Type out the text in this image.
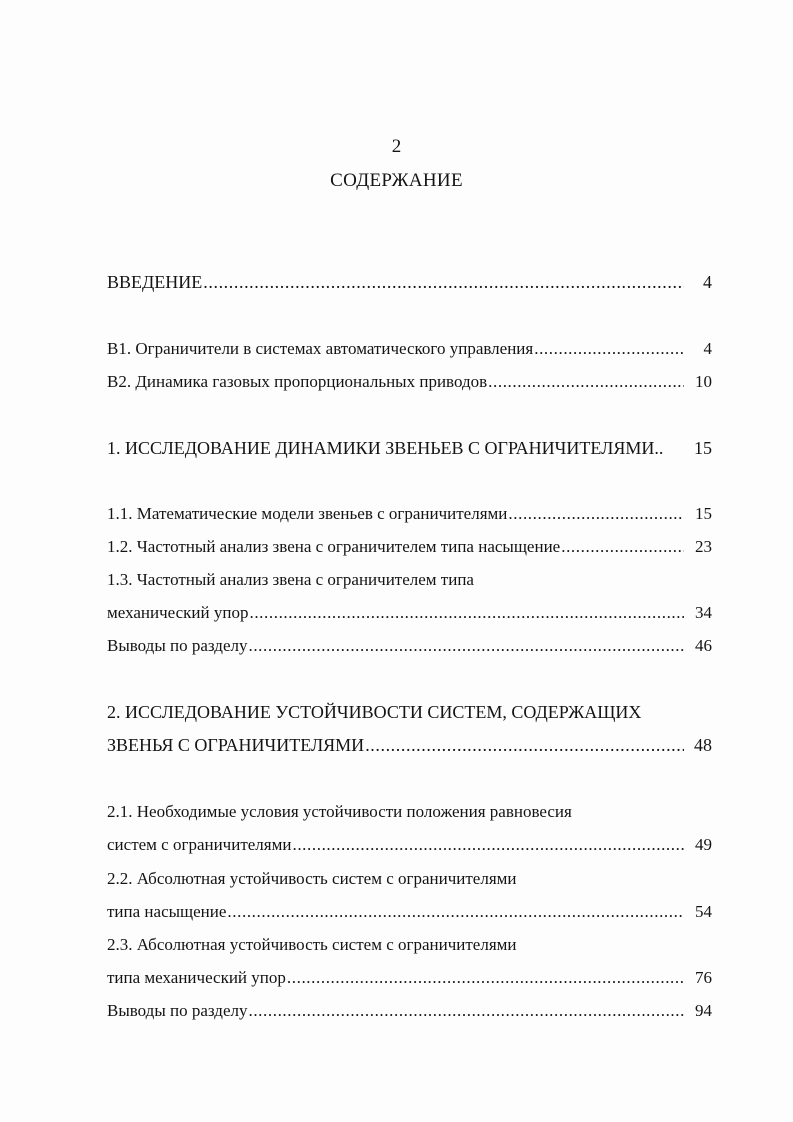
2
СОДЕРЖАНИЕ
ВВЕДЕНИЕ .....	4
В1. Ограничители в системах автоматического управления .....	4
В2. Динамика газовых пропорциональных приводов .....	10
1. ИССЛЕДОВАНИЕ ДИНАМИКИ ЗВЕНЬЕВ С ОГРАНИЧИТЕЛЯМИ..	15
1.1. Математические модели звеньев с ограничителями .....	15
1.2. Частотный анализ звена с ограничителем типа насыщение .....	23
1.3. Частотный анализ звена с ограничителем типа
механический упор .....	34
Выводы по разделу .....	46
2. ИССЛЕДОВАНИЕ УСТОЙЧИВОСТИ СИСТЕМ, СОДЕРЖАЩИХ
ЗВЕНЬЯ С ОГРАНИЧИТЕЛЯМИ .....	48
2.1. Необходимые условия устойчивости положения равновесия
систем с ограничителями .....	49
2.2. Абсолютная устойчивость систем с ограничителями
типа насыщение .....	54
2.3. Абсолютная устойчивость систем с ограничителями
типа механический упор .....	76
Выводы по разделу .....	94
